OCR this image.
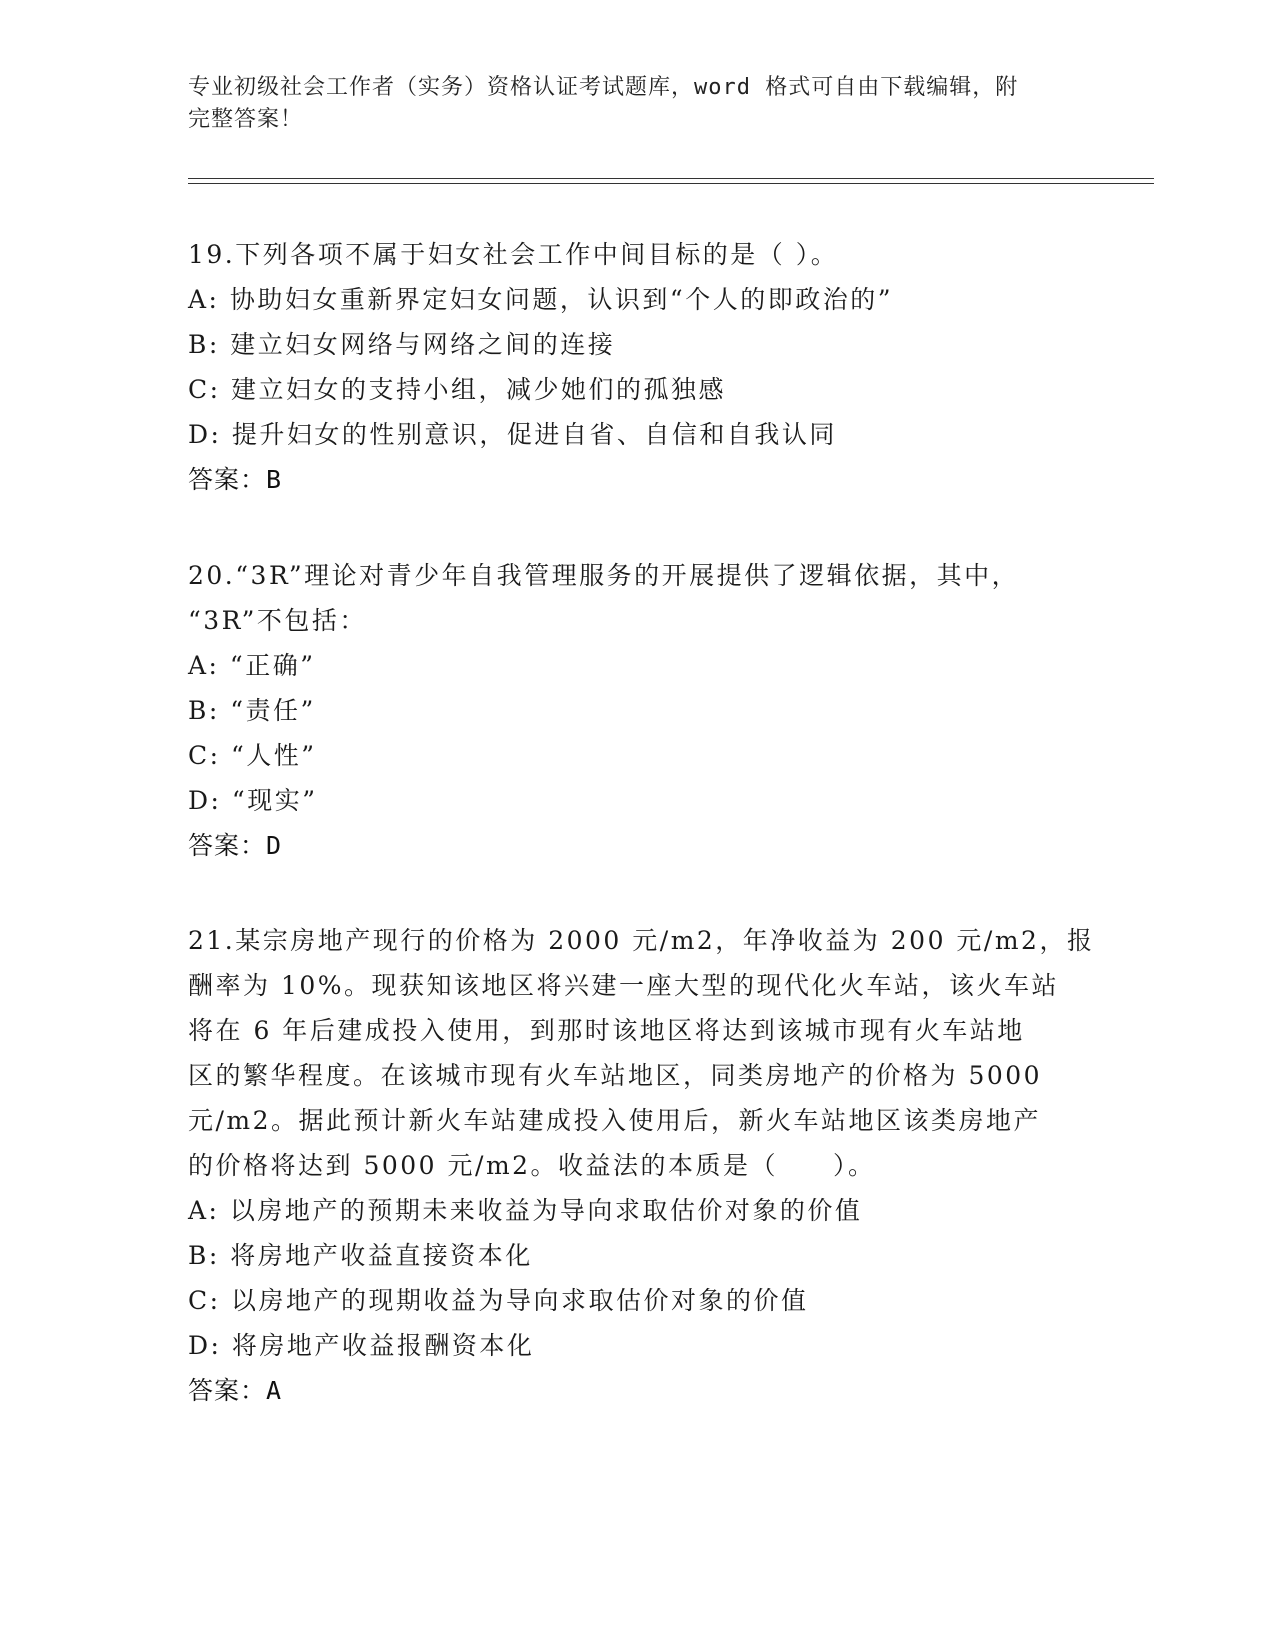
专业初级社会工作者（实务）资格认证考试题库，word 格式可自由下载编辑，附
完整答案！
19.下列各项不属于妇女社会工作中间目标的是（ ）。
A: 协助妇女重新界定妇女问题，认识到“个人的即政治的”
B: 建立妇女网络与网络之间的连接
C: 建立妇女的支持小组，减少她们的孤独感
D: 提升妇女的性别意识，促进自省、自信和自我认同
答案：B
20.“3R”理论对青少年自我管理服务的开展提供了逻辑依据，其中，
“3R”不包括：
A: “正确”
B: “责任”
C: “人性”
D: “现实”
答案：D
21.某宗房地产现行的价格为 2000 元/m2，年净收益为 200 元/m2，报
酬率为 10%。现获知该地区将兴建一座大型的现代化火车站，该火车站
将在 6 年后建成投入使用，到那时该地区将达到该城市现有火车站地
区的繁华程度。在该城市现有火车站地区，同类房地产的价格为 5000
元/m2。据此预计新火车站建成投入使用后，新火车站地区该类房地产
的价格将达到 5000 元/m2。收益法的本质是（　　）。
A: 以房地产的预期未来收益为导向求取估价对象的价值
B: 将房地产收益直接资本化
C: 以房地产的现期收益为导向求取估价对象的价值
D: 将房地产收益报酬资本化
答案：A
